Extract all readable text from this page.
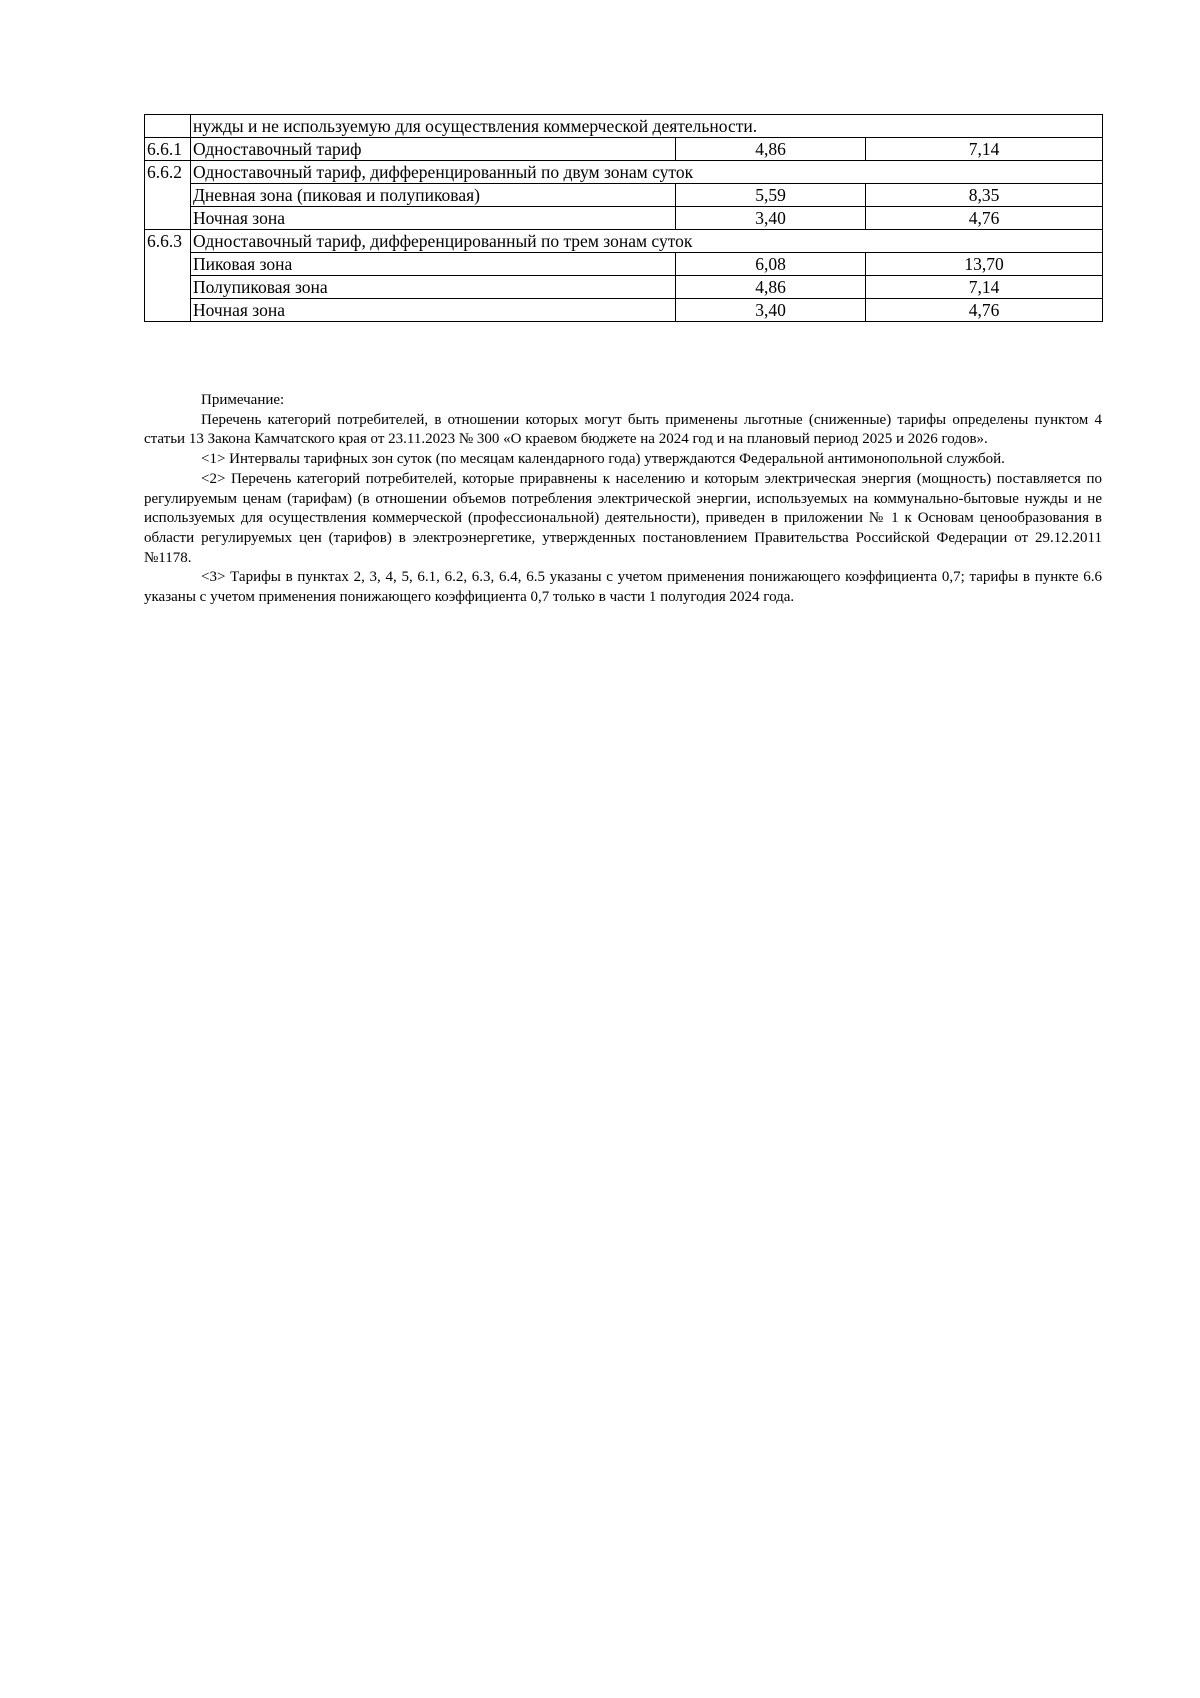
	нужды и не используемую для осуществления коммерческой деятельности.		
6.6.1	Одноставочный тариф	4,86	7,14
6.6.2	Одноставочный тариф, дифференцированный по двум зонам суток		
	Дневная зона (пиковая и полупиковая)	5,59	8,35
	Ночная зона	3,40	4,76
6.6.3	Одноставочный тариф, дифференцированный по трем зонам суток		
	Пиковая зона	6,08	13,70
	Полупиковая зона	4,86	7,14
	Ночная зона	3,40	4,76

Примечание:

Перечень категорий потребителей, в отношении которых могут быть применены льготные (сниженные) тарифы определены пунктом 4 статьи 13 Закона Камчатского края от 23.11.2023 № 300 «О краевом бюджете на 2024 год и на плановый период 2025 и 2026 годов».

<1> Интервалы тарифных зон суток (по месяцам календарного года) утверждаются Федеральной антимонопольной службой.

<2> Перечень категорий потребителей, которые приравнены к населению и которым электрическая энергия (мощность) поставляется по регулируемым ценам (тарифам) (в отношении объемов потребления электрической энергии, используемых на коммунально-бытовые нужды и не используемых для осуществления коммерческой (профессиональной) деятельности), приведен в приложении № 1 к Основам ценообразования в области регулируемых цен (тарифов) в электроэнергетике, утвержденных постановлением Правительства Российской Федерации от 29.12.2011 №1178.

<3> Тарифы в пунктах 2, 3, 4, 5, 6.1, 6.2, 6.3, 6.4, 6.5 указаны с учетом применения понижающего коэффициента 0,7; тарифы в пункте 6.6 указаны с учетом применения понижающего коэффициента 0,7 только в части 1 полугодия 2024 года.
